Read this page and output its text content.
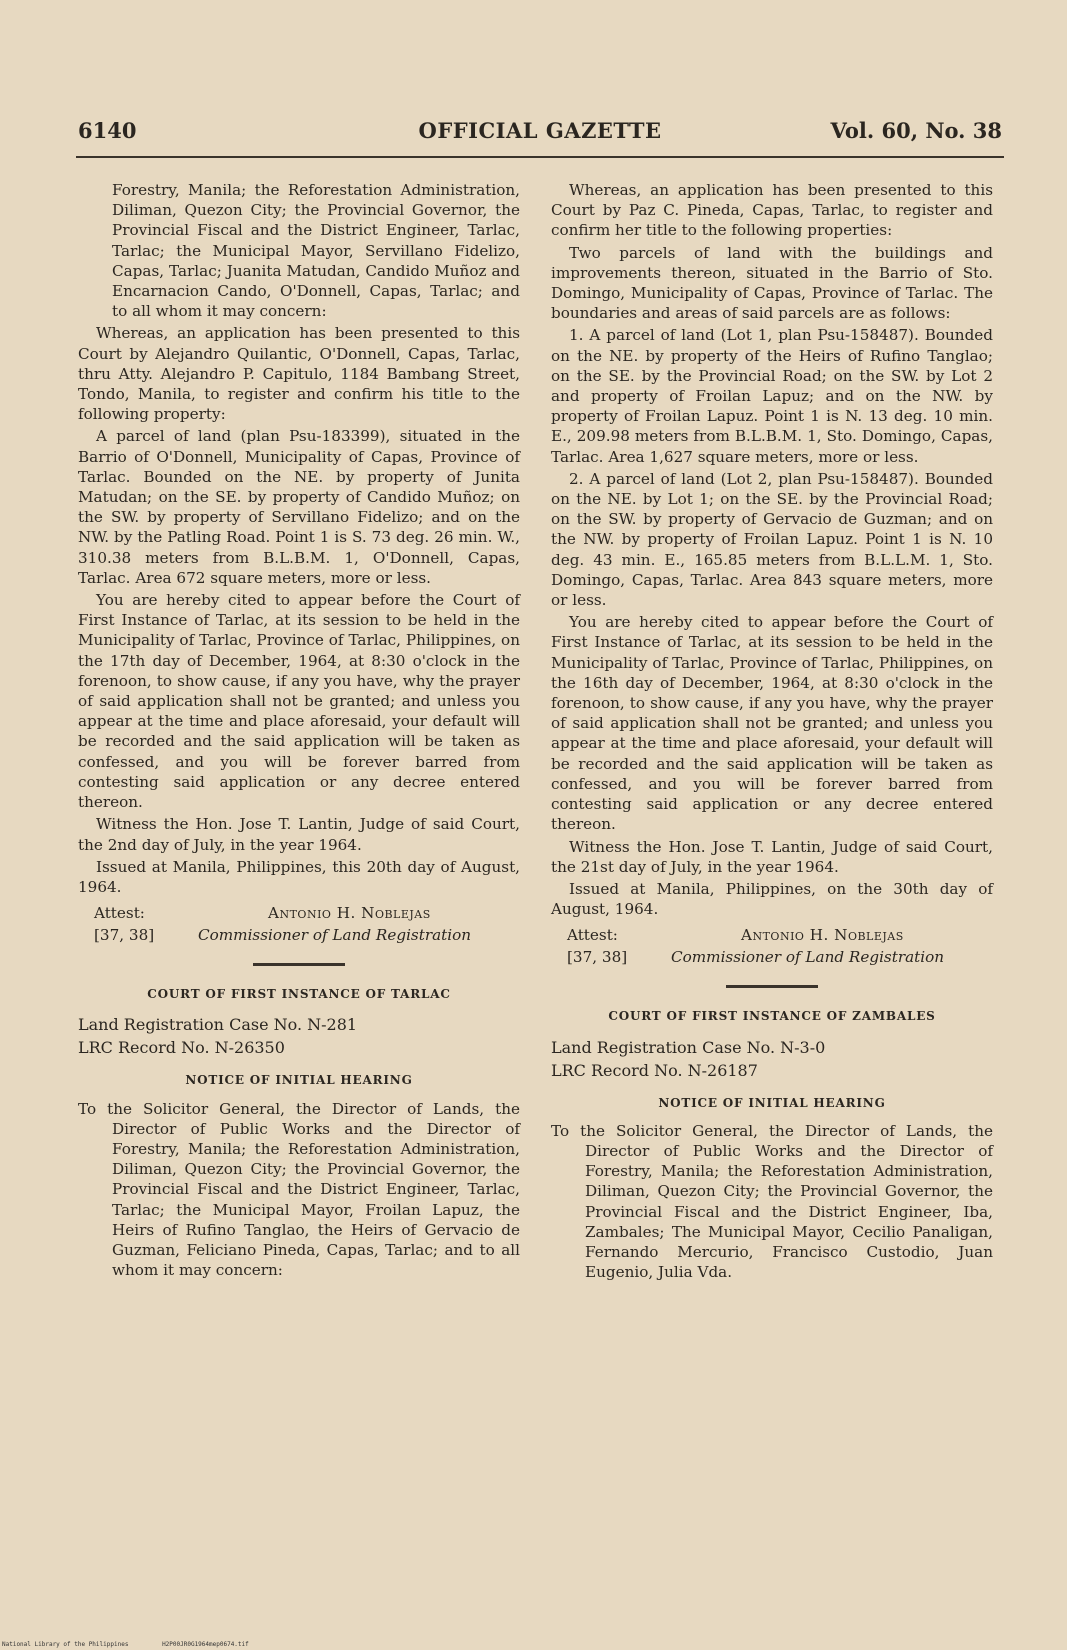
6140	OFFICIAL GAZETTE	Vol. 60, No. 38

Forestry, Manila; the Reforestation Administration, Diliman, Quezon City; the Provincial Governor, the Provincial Fiscal and the District Engineer, Tarlac, Tarlac; the Municipal Mayor, Servillano Fidelizo, Capas, Tarlac; Juanita Matudan, Candido Muñoz and Encarnacion Cando, O'Donnell, Capas, Tarlac; and to all whom it may concern:

Whereas, an application has been presented to this Court by Alejandro Quilantic, O'Donnell, Capas, Tarlac, thru Atty. Alejandro P. Capitulo, 1184 Bambang Street, Tondo, Manila, to register and confirm his title to the following property:

A parcel of land (plan Psu-183399), situated in the Barrio of O'Donnell, Municipality of Capas, Province of Tarlac. Bounded on the NE. by property of Junita Matudan; on the SE. by property of Candido Muñoz; on the SW. by property of Servillano Fidelizo; and on the NW. by the Patling Road. Point 1 is S. 73 deg. 26 min. W., 310.38 meters from B.L.B.M. 1, O'Donnell, Capas, Tarlac. Area 672 square meters, more or less.

You are hereby cited to appear before the Court of First Instance of Tarlac, at its session to be held in the Municipality of Tarlac, Province of Tarlac, Philippines, on the 17th day of December, 1964, at 8:30 o'clock in the forenoon, to show cause, if any you have, why the prayer of said application shall not be granted; and unless you appear at the time and place aforesaid, your default will be recorded and the said application will be taken as confessed, and you will be forever barred from contesting said application or any decree entered thereon.

Witness the Hon. Jose T. Lantin, Judge of said Court, the 2nd day of July, in the year 1964.

Issued at Manila, Philippines, this 20th day of August, 1964.

Attest:
[37, 38]
Antonio H. Noblejas
Commissioner of Land Registration
COURT OF FIRST INSTANCE OF TARLAC

Land Registration Case No. N-281

LRC Record No. N-26350

NOTICE OF INITIAL HEARING

To the Solicitor General, the Director of Lands, the Director of Public Works and the Director of Forestry, Manila; the Reforestation Administration, Diliman, Quezon City; the Provincial Governor, the Provincial Fiscal and the District Engineer, Tarlac, Tarlac; the Municipal Mayor, Froilan Lapuz, the Heirs of Rufino Tanglao, the Heirs of Gervacio de Guzman, Feliciano Pineda, Capas, Tarlac; and to all whom it may concern:

Whereas, an application has been presented to this Court by Paz C. Pineda, Capas, Tarlac, to register and confirm her title to the following properties:

Two parcels of land with the buildings and improvements thereon, situated in the Barrio of Sto. Domingo, Municipality of Capas, Province of Tarlac. The boundaries and areas of said parcels are as follows:

1. A parcel of land (Lot 1, plan Psu-158487). Bounded on the NE. by property of the Heirs of Rufino Tanglao; on the SE. by the Provincial Road; on the SW. by Lot 2 and property of Froilan Lapuz; and on the NW. by property of Froilan Lapuz. Point 1 is N. 13 deg. 10 min. E., 209.98 meters from B.L.B.M. 1, Sto. Domingo, Capas, Tarlac. Area 1,627 square meters, more or less.

2. A parcel of land (Lot 2, plan Psu-158487). Bounded on the NE. by Lot 1; on the SE. by the Provincial Road; on the SW. by property of Gervacio de Guzman; and on the NW. by property of Froilan Lapuz. Point 1 is N. 10 deg. 43 min. E., 165.85 meters from B.L.L.M. 1, Sto. Domingo, Capas, Tarlac. Area 843 square meters, more or less.

You are hereby cited to appear before the Court of First Instance of Tarlac, at its session to be held in the Municipality of Tarlac, Province of Tarlac, Philippines, on the 16th day of December, 1964, at 8:30 o'clock in the forenoon, to show cause, if any you have, why the prayer of said application shall not be granted; and unless you appear at the time and place aforesaid, your default will be recorded and the said application will be taken as confessed, and you will be forever barred from contesting said application or any decree entered thereon.

Witness the Hon. Jose T. Lantin, Judge of said Court, the 21st day of July, in the year 1964.

Issued at Manila, Philippines, on the 30th day of August, 1964.

Attest:
[37, 38]
Antonio H. Noblejas
Commissioner of Land Registration
COURT OF FIRST INSTANCE OF ZAMBALES

Land Registration Case No. N-3-0

LRC Record No. N-26187

NOTICE OF INITIAL HEARING

To the Solicitor General, the Director of Lands, the Director of Public Works and the Director of Forestry, Manila; the Reforestation Administration, Diliman, Quezon City; the Provincial Governor, the Provincial Fiscal and the District Engineer, Iba, Zambales; The Municipal Mayor, Cecilio Panaligan, Fernando Mercurio, Francisco Custodio, Juan Eugenio, Julia Vda.

National Library of the Philippines	H2P00JR0G1964mep0674.tif
